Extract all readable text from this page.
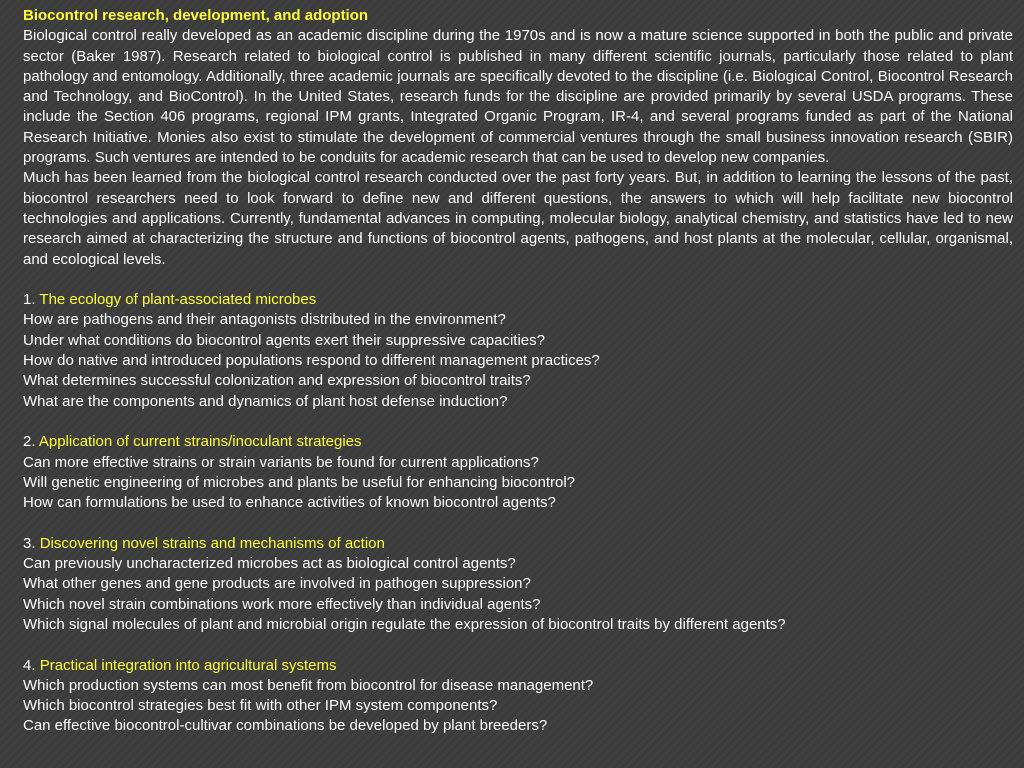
Biocontrol research, development, and adoption
Biological control really developed as an academic discipline during the 1970s and is now a mature science supported in both the public and private sector (Baker 1987). Research related to biological control is published in many different scientific journals, particularly those related to plant pathology and entomology. Additionally, three academic journals are specifically devoted to the discipline (i.e. Biological Control, Biocontrol Research and Technology, and BioControl). In the United States, research funds for the discipline are provided primarily by several USDA programs. These include the Section 406 programs, regional IPM grants, Integrated Organic Program, IR-4, and several programs funded as part of the National Research Initiative. Monies also exist to stimulate the development of commercial ventures through the small business innovation research (SBIR) programs. Such ventures are intended to be conduits for academic research that can be used to develop new companies.
Much has been learned from the biological control research conducted over the past forty years. But, in addition to learning the lessons of the past, biocontrol researchers need to look forward to define new and different questions, the answers to which will help facilitate new biocontrol technologies and applications. Currently, fundamental advances in computing, molecular biology, analytical chemistry, and statistics have led to new research aimed at characterizing the structure and functions of biocontrol agents, pathogens, and host plants at the molecular, cellular, organismal, and ecological levels.
1. The ecology of plant-associated microbes
How are pathogens and their antagonists distributed in the environment?
Under what conditions do biocontrol agents exert their suppressive capacities?
How do native and introduced populations respond to different management practices?
What determines successful colonization and expression of biocontrol traits?
What are the components and dynamics of plant host defense induction?
2. Application of current strains/inoculant strategies
Can more effective strains or strain variants be found for current applications?
Will genetic engineering of microbes and plants be useful for enhancing biocontrol?
How can formulations be used to enhance activities of known biocontrol agents?
3. Discovering novel strains and mechanisms of action
Can previously uncharacterized microbes act as biological control agents?
What other genes and gene products are involved in pathogen suppression?
Which novel strain combinations work more effectively than individual agents?
Which signal molecules of plant and microbial origin regulate the expression of biocontrol traits by different agents?
4. Practical integration into agricultural systems
Which production systems can most benefit from biocontrol for disease management?
Which biocontrol strategies best fit with other IPM system components?
Can effective biocontrol-cultivar combinations be developed by plant breeders?
